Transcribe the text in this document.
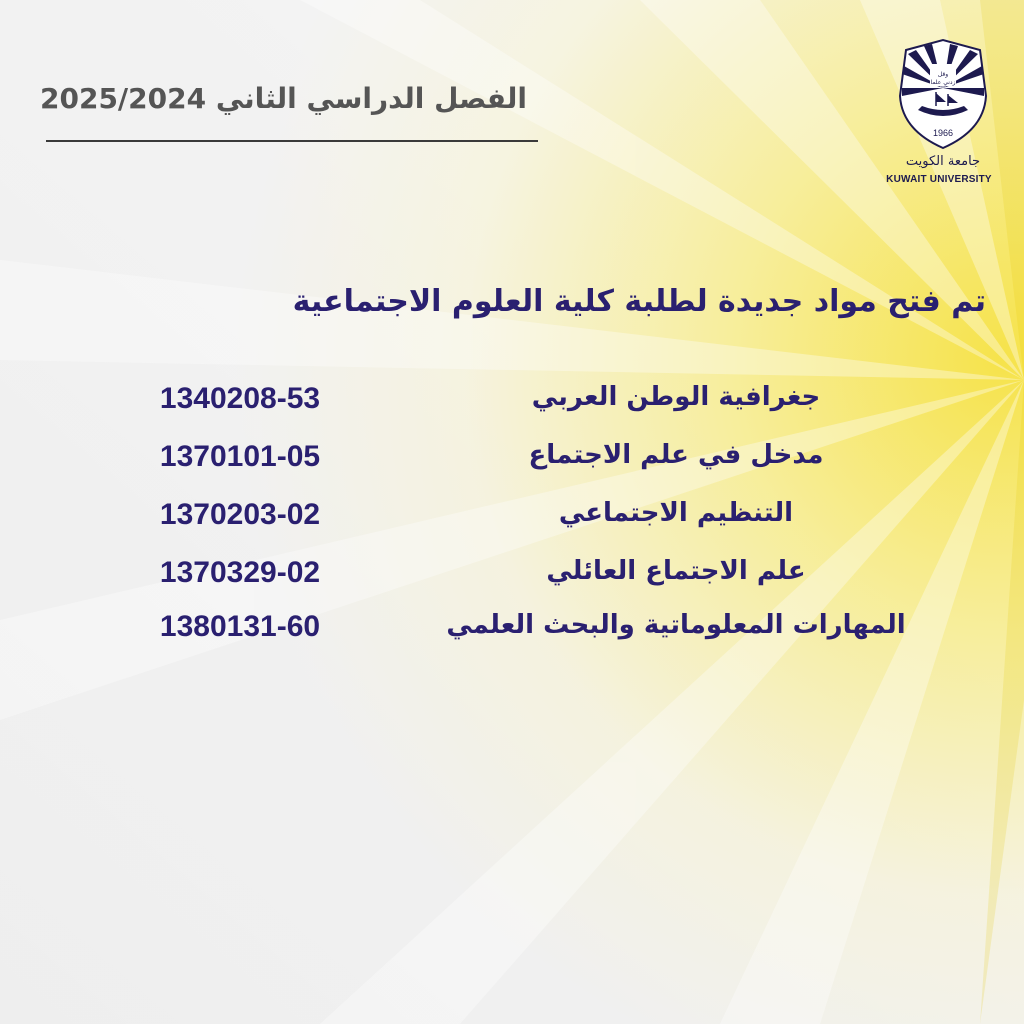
الفصل الدراسي الثاني 2025/2024
وقل
زدني علما
1966
جامعة الكويت
KUWAIT UNIVERSITY
تم فتح مواد جديدة لطلبة كلية العلوم الاجتماعية
جغرافية الوطن العربي
1340208-53
مدخل في علم الاجتماع
1370101-05
التنظيم الاجتماعي
1370203-02
علم الاجتماع العائلي
1370329-02
المهارات المعلوماتية والبحث العلمي
1380131-60
